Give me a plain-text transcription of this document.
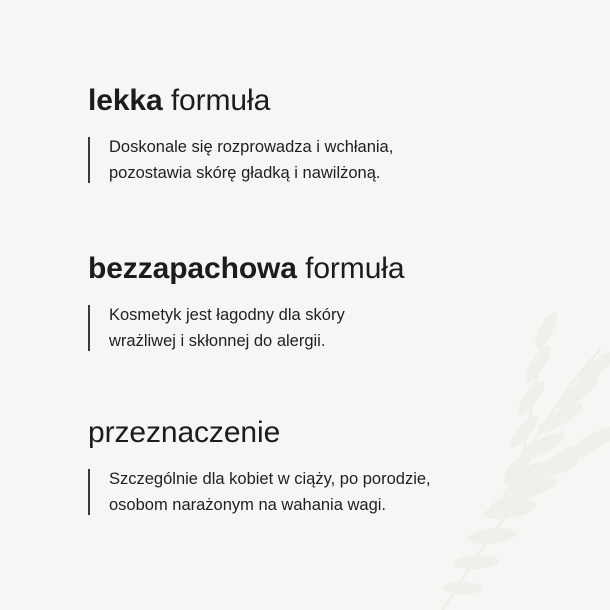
lekka formuła

Doskonale się rozprowadza i wchłania,
pozostawia skórę gładką i nawilżoną.

bezzapachowa formuła

Kosmetyk jest łagodny dla skóry
wrażliwej i skłonnej do alergii.

przeznaczenie

Szczególnie dla kobiet w ciąży, po porodzie,
osobom narażonym na wahania wagi.
